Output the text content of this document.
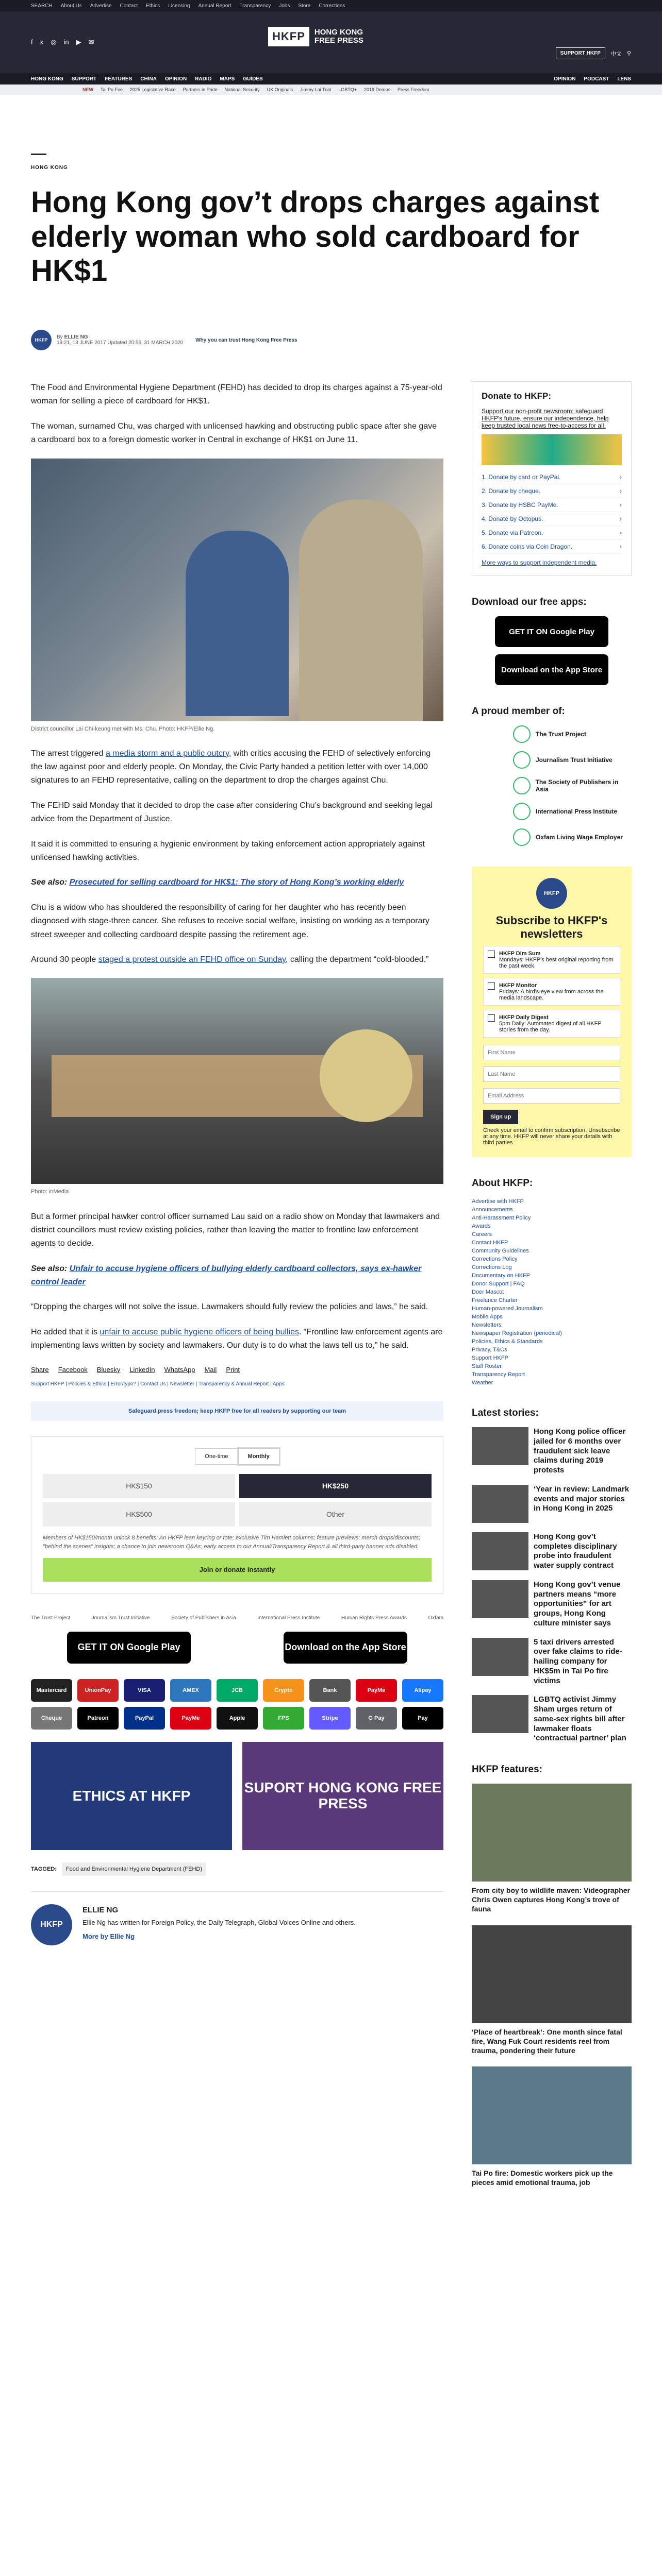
SEARCH About Us Advertise Contact Ethics Licensing Annual Report Transparency Jobs Store Corrections
f x ◎ in ▶ ✉	HKFP	HONG KONG
FREE PRESS
SUPPORT HKFP	中文 ⚲
HONG KONG SUPPORT FEATURES CHINA OPINION RADIO MAPS GUIDES	OPINION PODCAST LENS
NEW Tai Po Fire 2025 Legislative Race Partners in Pride National Security UK Originals Jimmy Lai Trial LGBTQ+ 2019 Demos Press Freedom
HONG KONG
Hong Kong gov’t drops charges against elderly woman who sold cardboard for HK$1
HKFP	By ELLIE NG
19:21, 13 JUNE 2017 Updated 20:56, 31 MARCH 2020 Why you can trust Hong Kong Free Press

The Food and Environmental Hygiene Department (FEHD) has decided to drop its charges against a 75-year-old woman for selling a piece of cardboard for HK$1.

The woman, surnamed Chu, was charged with unlicensed hawking and obstructing public space after she gave a cardboard box to a foreign domestic worker in Central in exchange of HK$1 on June 11.

District councillor Lai Chi-keung met with Ms. Chu. Photo: HKFP/Ellie Ng.

The arrest triggered a media storm and a public outcry, with critics accusing the FEHD of selectively enforcing the law against poor and elderly people. On Monday, the Civic Party handed a petition letter with over 14,000 signatures to an FEHD representative, calling on the department to drop the charges against Chu.

The FEHD said Monday that it decided to drop the case after considering Chu’s background and seeking legal advice from the Department of Justice.

It said it is committed to ensuring a hygienic environment by taking enforcement action appropriately against unlicensed hawking activities.

See also: Prosecuted for selling cardboard for HK$1: The story of Hong Kong’s working elderly

Chu is a widow who has shouldered the responsibility of caring for her daughter who has recently been diagnosed with stage-three cancer. She refuses to receive social welfare, insisting on working as a temporary street sweeper and collecting cardboard despite passing the retirement age.

Around 30 people staged a protest outside an FEHD office on Sunday, calling the department “cold-blooded.”

Photo: inMedia.

But a former principal hawker control officer surnamed Lau said on a radio show on Monday that lawmakers and district councillors must review existing policies, rather than leaving the matter to frontline law enforcement agents to decide.

See also: Unfair to accuse hygiene officers of bullying elderly cardboard collectors, says ex-hawker control leader

“Dropping the charges will not solve the issue. Lawmakers should fully review the policies and laws,” he said.

He added that it is unfair to accuse public hygiene officers of being bullies. “Frontline law enforcement agents are implementing laws written by society and lawmakers. Our duty is to do what the laws tell us to,” he said.

Share Facebook Bluesky LinkedIn WhatsApp Mail Print
Support HKFP | Policies & Ethics | Error/typo? | Contact Us | Newsletter | Transparency & Annual Report | Apps
Safeguard press freedom; keep HKFP free for all readers by supporting our team
One-time	Monthly
HK$150	HK$250
HK$500	Other
Members of HK$150/month unlock 8 benefits: An HKFP lean keyring or tote; exclusive Tim Hamlett columns; feature previews; merch drops/discounts; "behind the scenes" insights; a chance to join newsroom Q&As; early access to our Annual/Transparency Report & all third-party banner ads disabled.
Join or donate instantly
The Trust Project	Journalism Trust Initiative	Society of Publishers in Asia	International Press Institute	Human Rights Press Awards	Oxfam
GET IT ON Google Play	Download on the App Store
Mastercard	UnionPay	VISA	AMEX	JCB	Crypto	Bank	PayMe	Alipay
Cheque	Patreon	PayPal	PayMe	Apple	FPS	Stripe	G Pay	Pay
ETHICS AT HKFP	SUPORT HONG KONG FREE PRESS
TAGGED:	Food and Environmental Hygiene Department (FEHD)
HKFP
ELLIE NG
Ellie Ng has written for Foreign Policy, the Daily Telegraph, Global Voices Online and others.
More by Ellie Ng
Donate to HKFP:

Support our non-profit newsroom: safeguard HKFP's future, ensure our independence, help keep trusted local news free-to-access for all.

1. Donate by card or PayPal.	›
2. Donate by cheque.	›
3. Donate by HSBC PayMe.	›
4. Donate by Octopus.	›
5. Donate via Patreon.	›
6. Donate coins via Coin Dragon.	›
More ways to support independent media.
Download our free apps:
GET IT ON Google Play
Download on the App Store
A proud member of:
The Trust Project
Journalism Trust Initiative
The Society of Publishers in Asia
International Press Institute
Oxfam Living Wage Employer
HKFP
Subscribe to HKFP's newsletters
HKFP Dim Sum
Mondays: HKFP's best original reporting from the past week.
HKFP Monitor
Fridays: A bird's-eye view from across the media landscape.
HKFP Daily Digest
5pm Daily: Automated digest of all HKFP stories from the day.
First Name Last Name Email Address Sign up
Check your email to confirm subscription. Unsubscribe at any time. HKFP will never share your details with third parties.
About HKFP:
Advertise with HKFP
Announcements
Anti-Harassment Policy
Awards
Careers
Contact HKFP
Community Guidelines
Corrections Policy
Corrections Log
Documentary on HKFP
Donor Support | FAQ
Doer Mascot
Freelance Charter
Human-powered Journalism
Mobile Apps
Newsletters
Newspaper Registration (periodical)
Policies, Ethics & Standards
Privacy, T&Cs
Support HKFP
Staff Roster
Transparency Report
Weather
Latest stories:
Hong Kong police officer jailed for 6 months over fraudulent sick leave claims during 2019 protests
‘Year in review: Landmark events and major stories in Hong Kong in 2025
Hong Kong gov’t completes disciplinary probe into fraudulent water supply contract
Hong Kong gov’t venue partners means “more opportunities” for art groups, Hong Kong culture minister says
5 taxi drivers arrested over fake claims to ride-hailing company for HK$5m in Tai Po fire victims
LGBTQ activist Jimmy Sham urges return of same-sex rights bill after lawmaker floats ‘contractual partner’ plan
HKFP features:
From city boy to wildlife maven: Videographer Chris Owen captures Hong Kong’s trove of fauna
‘Place of heartbreak’: One month since fatal fire, Wang Fuk Court residents reel from trauma, pondering their future
Tai Po fire: Domestic workers pick up the pieces amid emotional trauma, job
